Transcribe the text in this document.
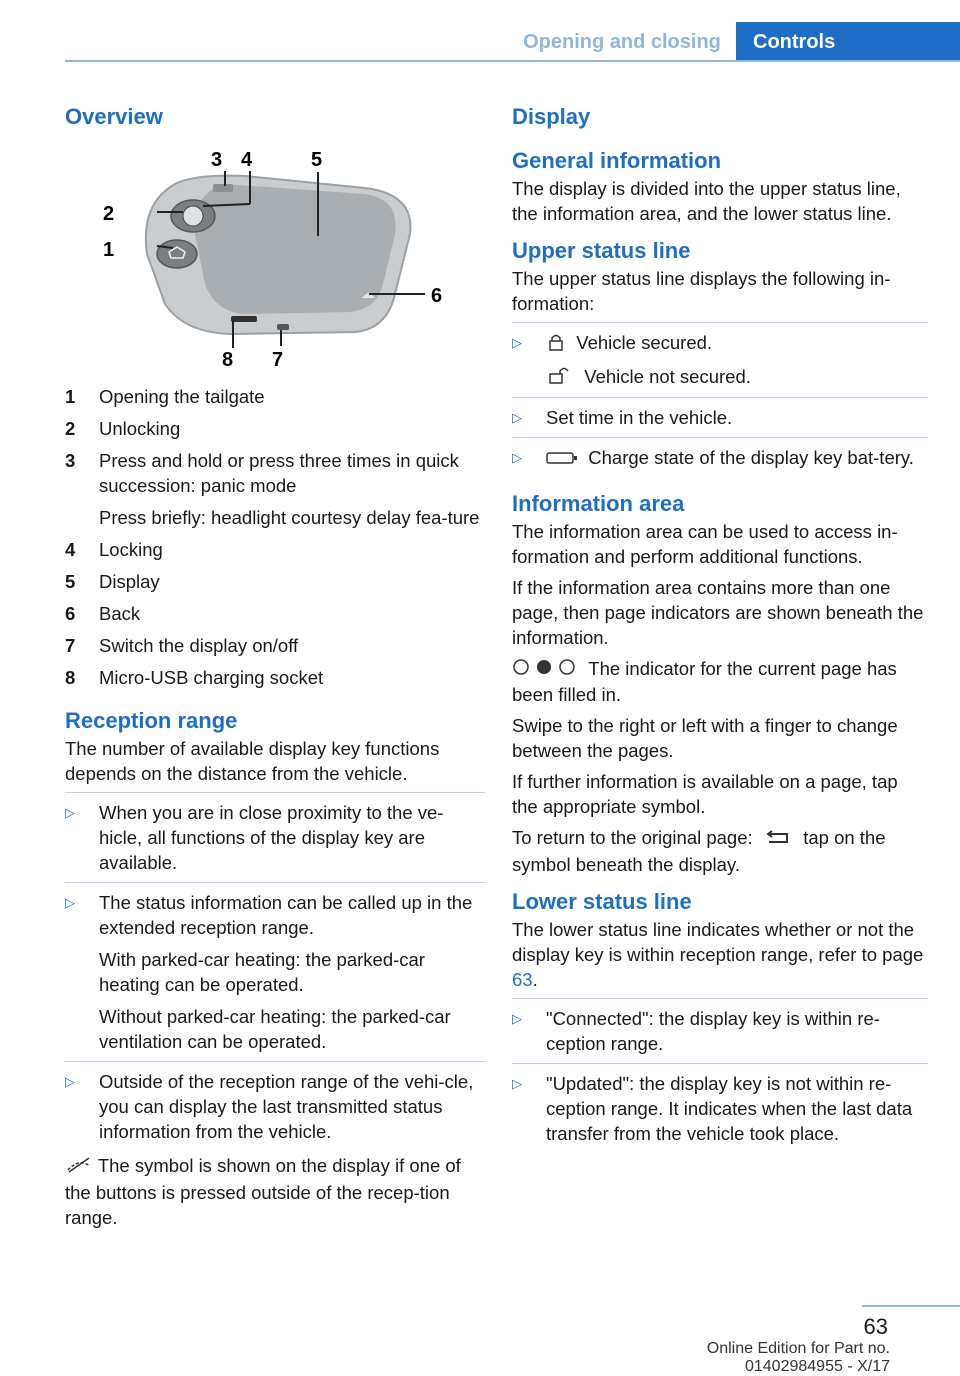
Opening and closing	Controls
Overview
1
2
3 4	5
6
7
8
1	Opening the tailgate

2	Unlocking

3	Press and hold or press three times in quick succession: panic mode

Press briefly: headlight courtesy delay fea-ture

4	Locking

5	Display

6	Back

7	Switch the display on/off

8	Micro-USB charging socket

Reception range

The number of available display key functions depends on the distance from the vehicle.

▷	When you are in close proximity to the ve-hicle, all functions of the display key are available.

▷	The status information can be called up in the extended reception range.

With parked-car heating: the parked-car heating can be operated.

Without parked-car heating: the parked-car ventilation can be operated.

▷	Outside of the reception range of the vehi-cle, you can display the last transmitted status information from the vehicle.

The symbol is shown on the display if one of the buttons is pressed outside of the recep-tion range.

Display
General information

The display is divided into the upper status line, the information area, and the lower status line.

Upper status line

The upper status line displays the following in-formation:

▷	Vehicle secured.

Vehicle not secured.

▷	Set time in the vehicle.

▷	Charge state of the display key bat-tery.

Information area

The information area can be used to access in-formation and perform additional functions.

If the information area contains more than one page, then page indicators are shown beneath the information.

The indicator for the current page has been filled in.

Swipe to the right or left with a finger to change between the pages.

If further information is available on a page, tap the appropriate symbol.

To return to the original page:	tap on the symbol beneath the display.

Lower status line

The lower status line indicates whether or not the display key is within reception range, refer to page 63.

▷	"Connected": the display key is within re-ception range.

▷	"Updated": the display key is not within re-ception range. It indicates when the last data transfer from the vehicle took place.

63
Online Edition for Part no. 01402984955 - X/17
